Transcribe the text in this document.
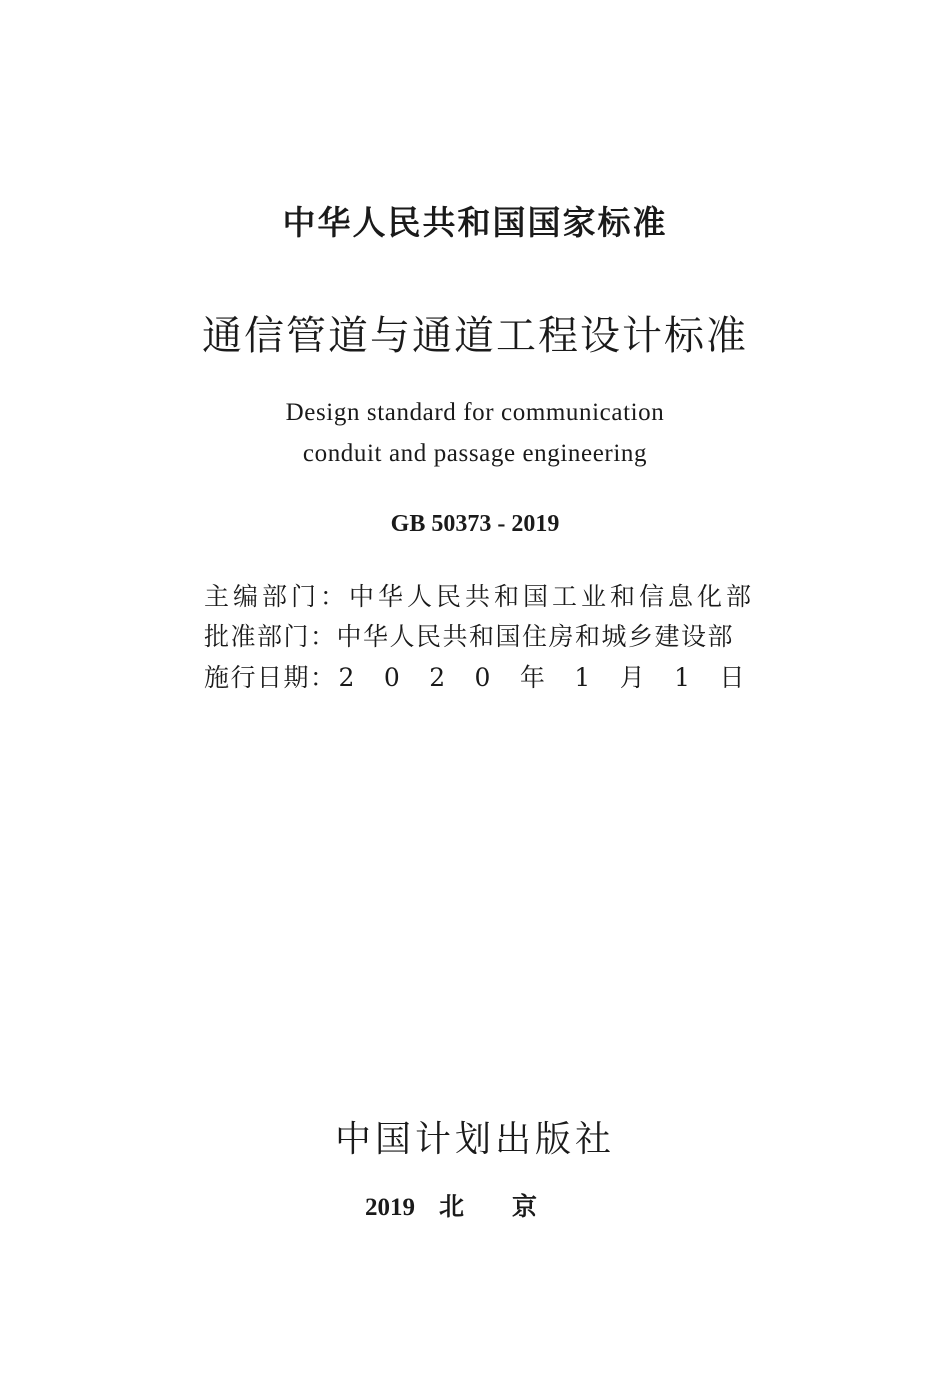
中华人民共和国国家标准
通信管道与通道工程设计标准
Design standard for communication
conduit and passage engineering
GB 50373 - 2019
主编部门： 中华人民共和国工业和信息化部
批准部门： 中华人民共和国住房和城乡建设部
施行日期： 2 0 2 0 年 1 月 1 日
中国计划出版社
2019 北京
